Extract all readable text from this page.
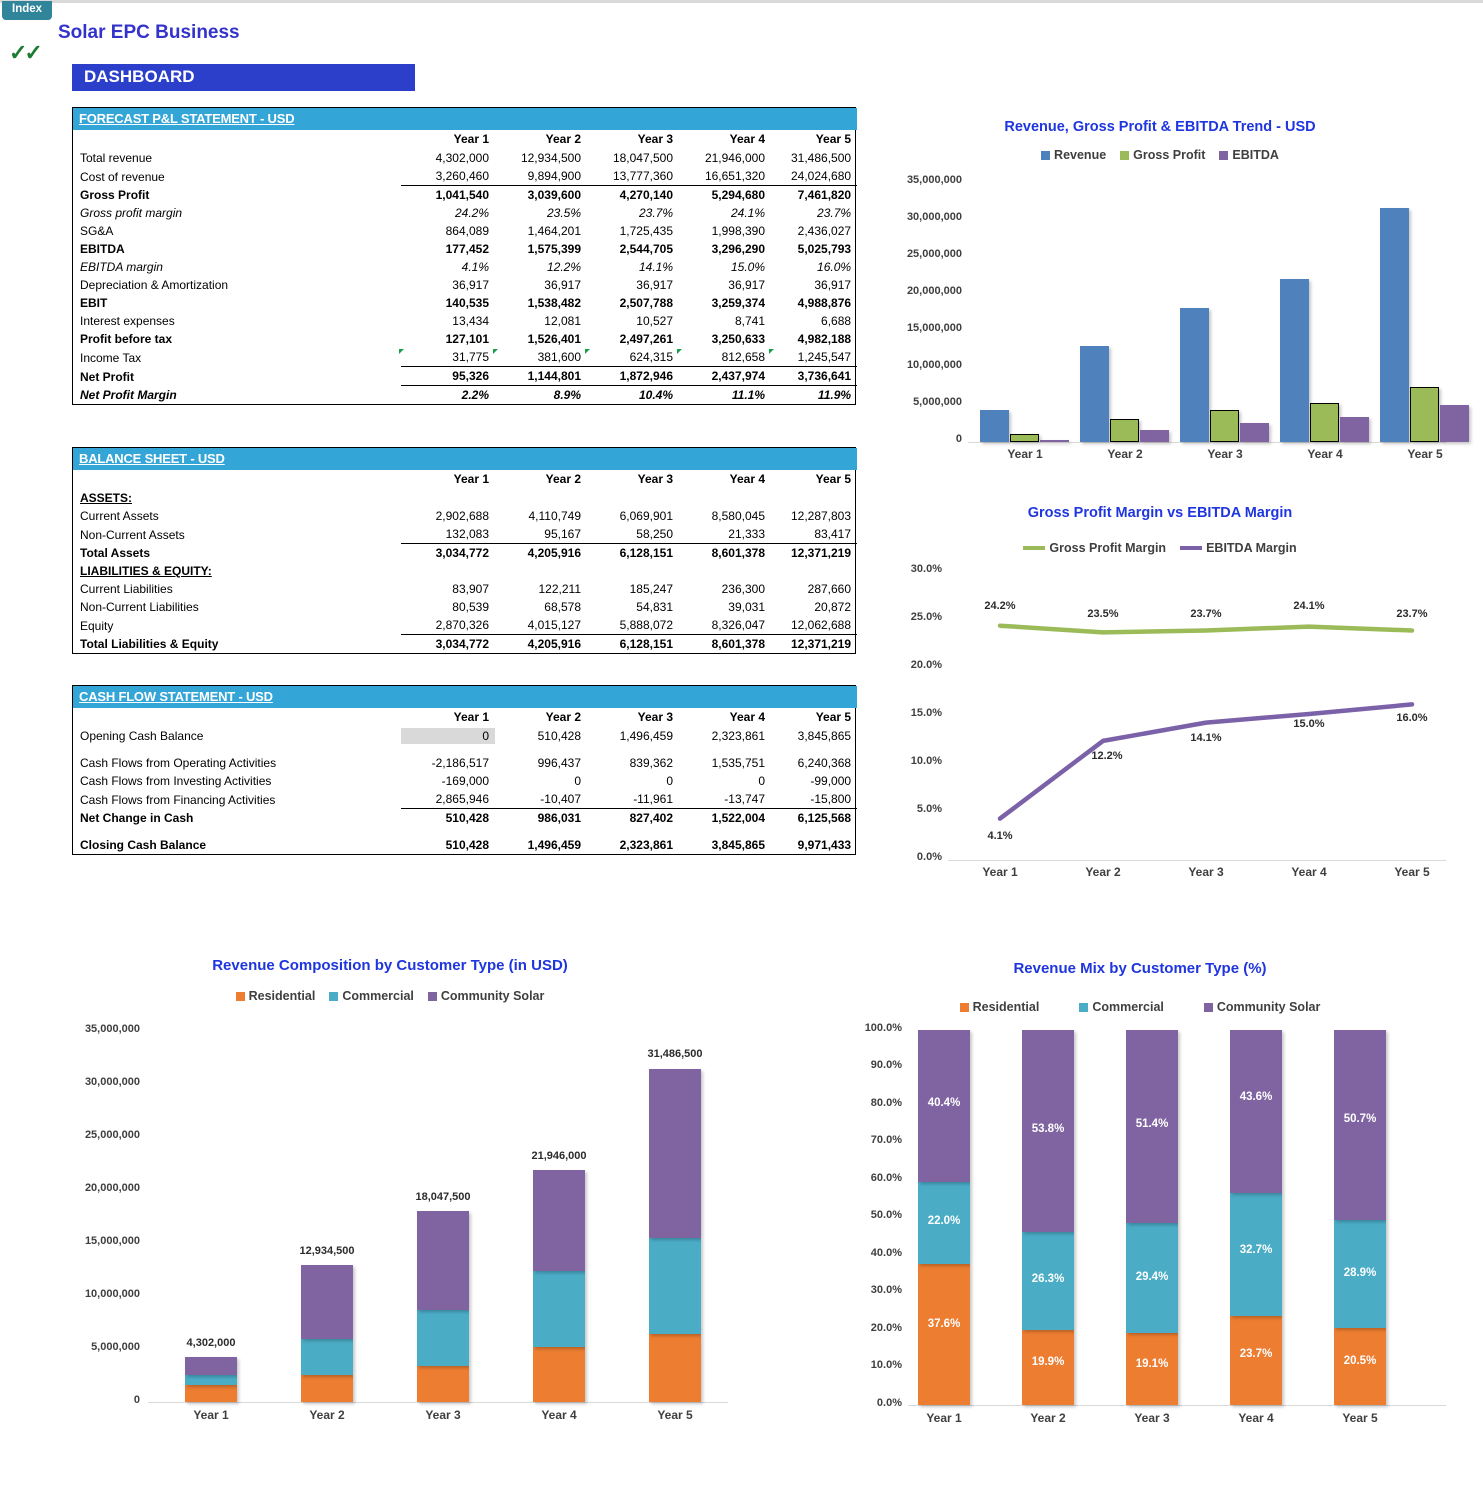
Index
✓✓
Solar EPC Business
DASHBOARD
FORECAST P&L STATEMENT - USD					
	Year 1	Year 2	Year 3	Year 4	Year 5
Total revenue	4,302,000	12,934,500	18,047,500	21,946,000	31,486,500
Cost of revenue	3,260,460	9,894,900	13,777,360	16,651,320	24,024,680
Gross Profit	1,041,540	3,039,600	4,270,140	5,294,680	7,461,820
Gross profit margin	24.2%	23.5%	23.7%	24.1%	23.7%
SG&A	864,089	1,464,201	1,725,435	1,998,390	2,436,027
EBITDA	177,452	1,575,399	2,544,705	3,296,290	5,025,793
EBITDA margin	4.1%	12.2%	14.1%	15.0%	16.0%
Depreciation & Amortization	36,917	36,917	36,917	36,917	36,917
EBIT	140,535	1,538,482	2,507,788	3,259,374	4,988,876
Interest expenses	13,434	12,081	10,527	8,741	6,688
Profit before tax	127,101	1,526,401	2,497,261	3,250,633	4,982,188
Income Tax	31,775	381,600	624,315	812,658	1,245,547
Net Profit	95,326	1,144,801	1,872,946	2,437,974	3,736,641
Net Profit Margin	2.2%	8.9%	10.4%	11.1%	11.9%
BALANCE SHEET - USD					
	Year 1	Year 2	Year 3	Year 4	Year 5
ASSETS:					
Current Assets	2,902,688	4,110,749	6,069,901	8,580,045	12,287,803
Non-Current Assets	132,083	95,167	58,250	21,333	83,417
Total Assets	3,034,772	4,205,916	6,128,151	8,601,378	12,371,219
LIABILITIES & EQUITY:					
Current Liabilities	83,907	122,211	185,247	236,300	287,660
Non-Current Liabilities	80,539	68,578	54,831	39,031	20,872
Equity	2,870,326	4,015,127	5,888,072	8,326,047	12,062,688
Total Liabilities & Equity	3,034,772	4,205,916	6,128,151	8,601,378	12,371,219
CASH FLOW STATEMENT - USD					
	Year 1	Year 2	Year 3	Year 4	Year 5
Opening Cash Balance	0	510,428	1,496,459	2,323,861	3,845,865

Cash Flows from Operating Activities	-2,186,517	996,437	839,362	1,535,751	6,240,368
Cash Flows from Investing Activities	-169,000	0	0	0	-99,000
Cash Flows from Financing Activities	2,865,946	-10,407	-11,961	-13,747	-15,800
Net Change in Cash	510,428	986,031	827,402	1,522,004	6,125,568

Closing Cash Balance	510,428	1,496,459	2,323,861	3,845,865	9,971,433
Revenue, Gross Profit & EBITDA Trend - USD
Revenue Gross Profit EBITDA
35,000,000
30,000,000
25,000,000
20,000,000
15,000,000
10,000,000
5,000,000
0
Year 1	Year 2	Year 3	Year 4	Year 5
Gross Profit Margin vs EBITDA Margin
Gross Profit Margin	EBITDA Margin
30.0%
25.0%
20.0%
15.0%
10.0%
5.0%
0.0%
24.2%
23.5%	23.7%
24.1%
23.7%
4.1%
12.2%
14.1%
15.0%	16.0%
Year 1	Year 2	Year 3	Year 4	Year 5
Revenue Composition by Customer Type (in USD)
Residential Commercial Community Solar
35,000,000
30,000,000
25,000,000
20,000,000
15,000,000
10,000,000
5,000,000
0
4,302,000
Year 1
12,934,500
Year 2
18,047,500
Year 3
21,946,000
Year 4
31,486,500
Year 5
Revenue Mix by Customer Type (%)
Residential	Commercial	Community Solar
100.0%
90.0%
80.0%
70.0%
60.0%
50.0%
40.0%
30.0%
20.0%
10.0%
0.0%
37.6%
22.0%
40.4%
Year 1
19.9%
26.3%
53.8%
Year 2
19.1%
29.4%
51.4%
Year 3
23.7%
32.7%
43.6%
Year 4
20.5%
28.9%
50.7%
Year 5
